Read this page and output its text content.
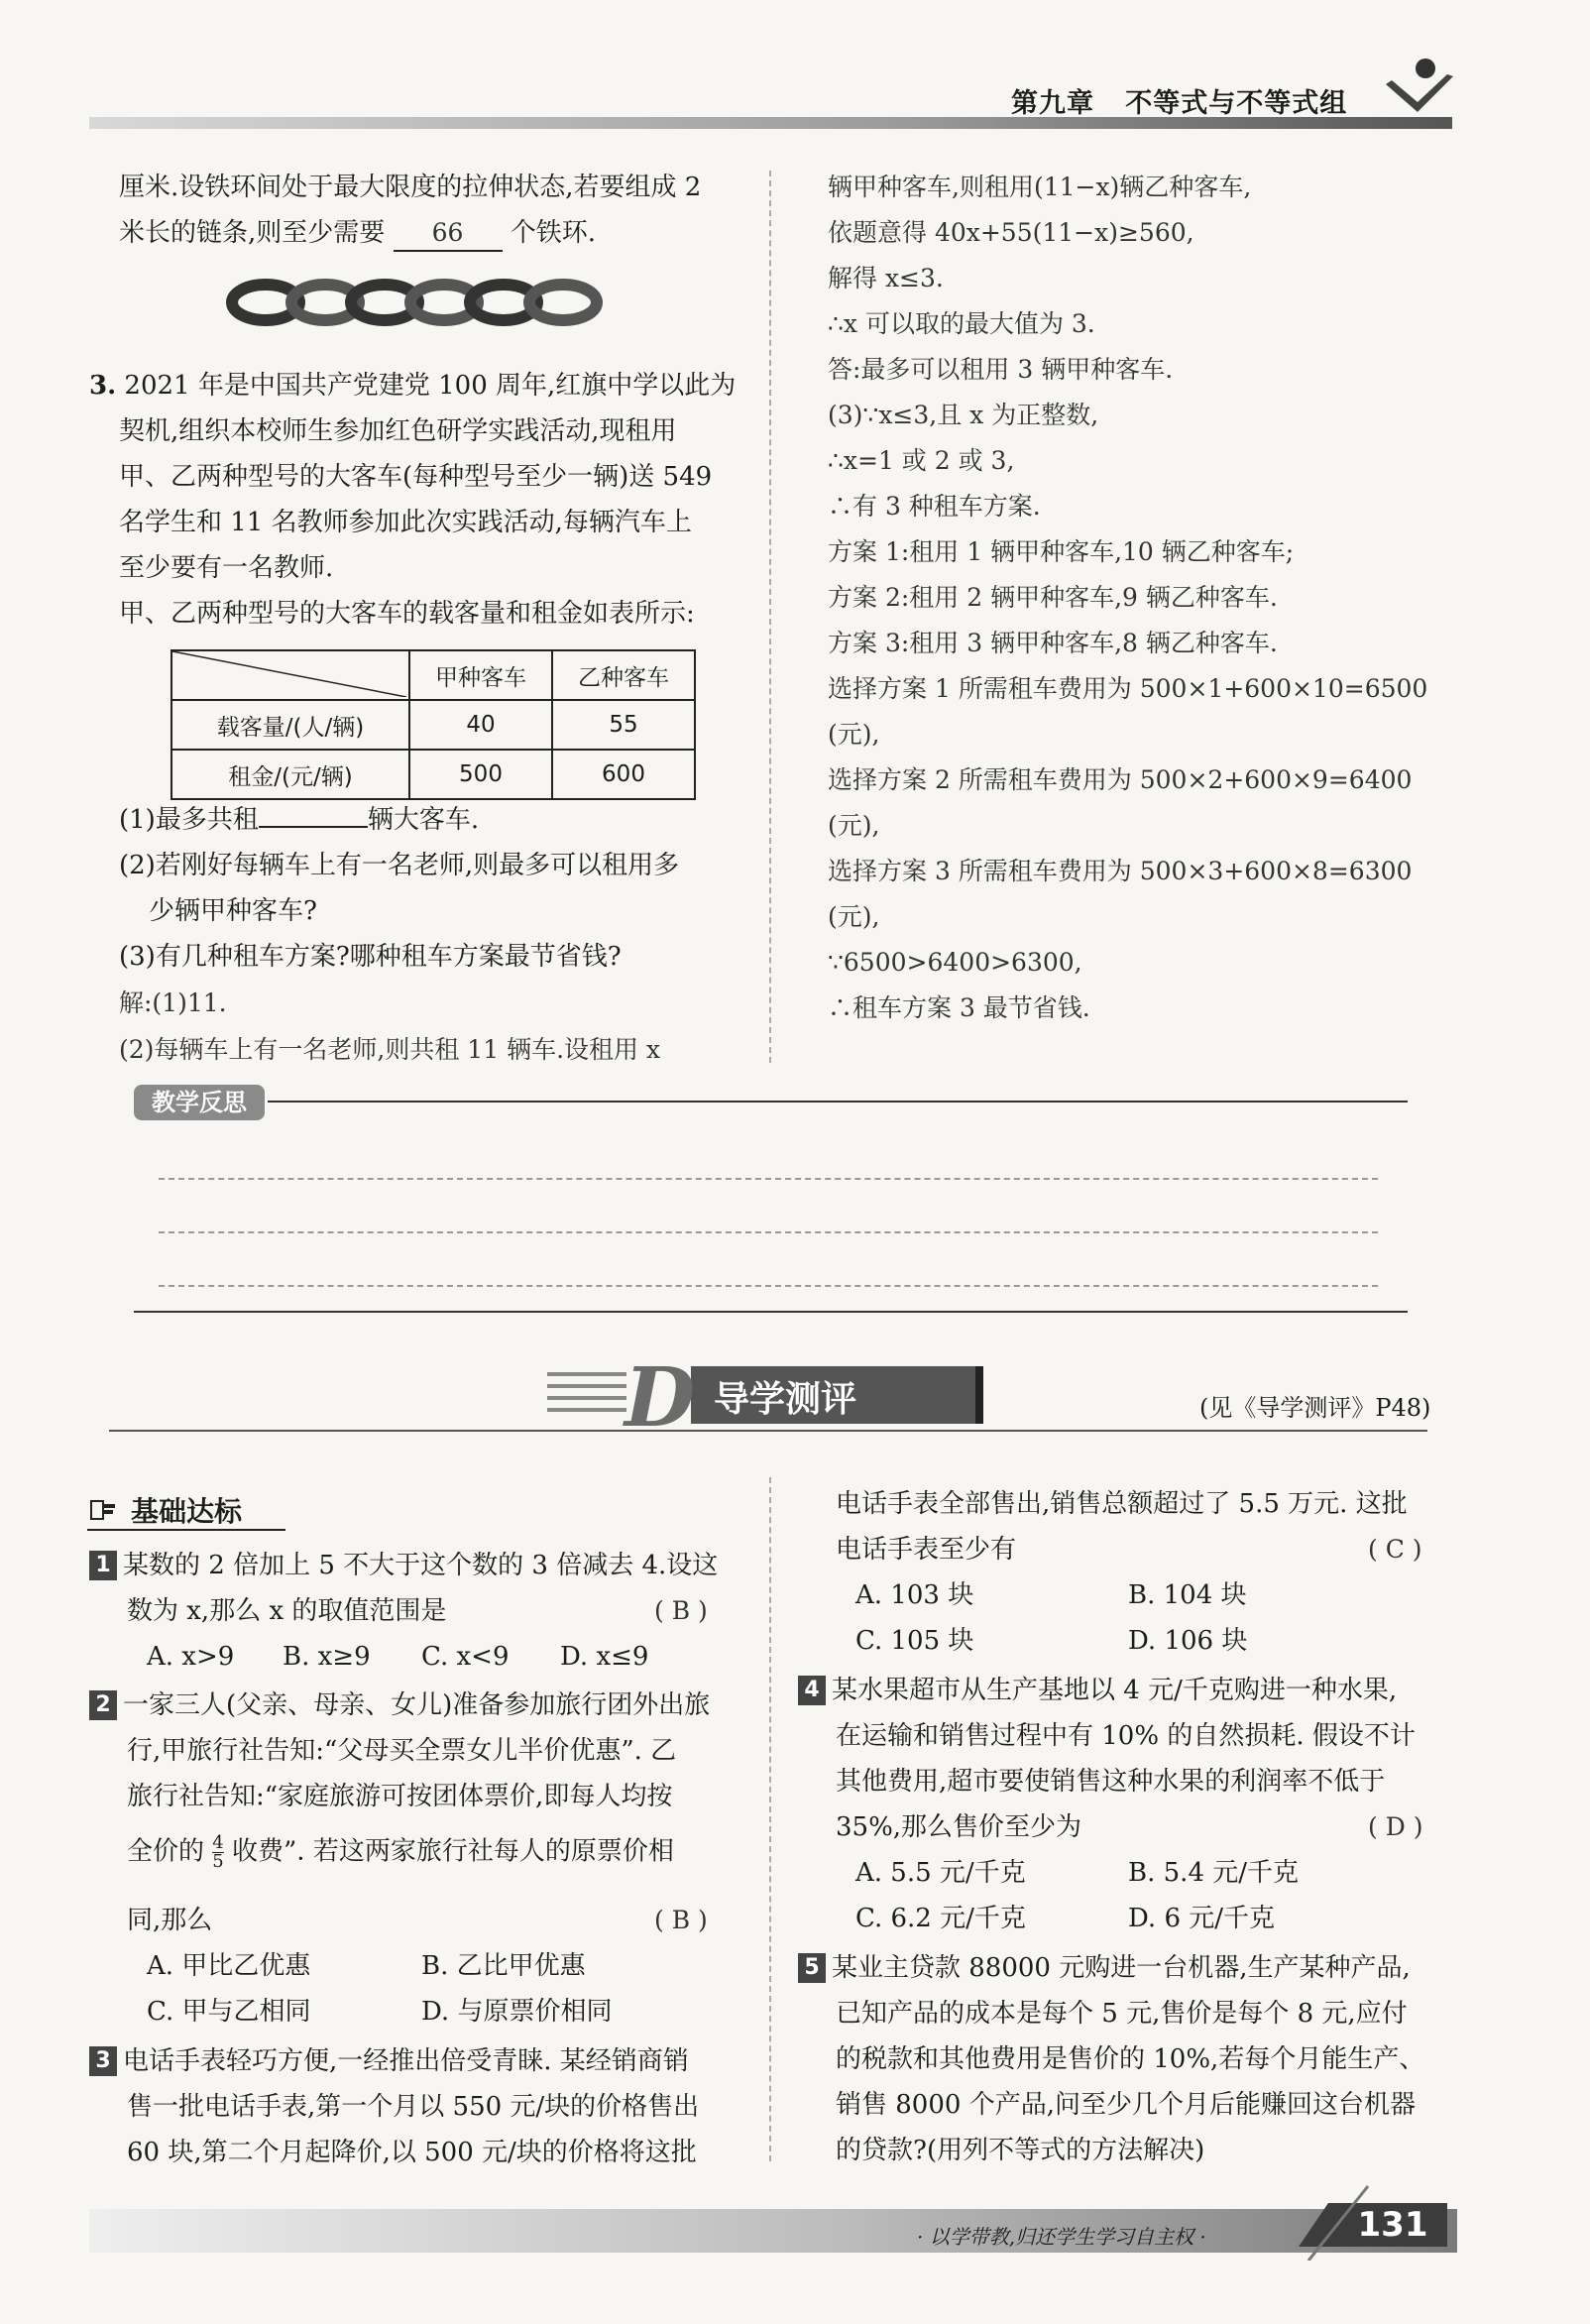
第九章 不等式与不等式组
厘米.设铁环间处于最大限度的拉伸状态,若要组成 2
米长的链条,则至少需要 66 个铁环.
3. 2021 年是中国共产党建党 100 周年,红旗中学以此为
契机,组织本校师生参加红色研学实践活动,现租用
甲、乙两种型号的大客车(每种型号至少一辆)送 549
名学生和 11 名教师参加此次实践活动,每辆汽车上
至少要有一名教师.
甲、乙两种型号的大客车的载客量和租金如表所示:
	甲种客车	乙种客车
载客量/(人/辆)	40	55
租金/(元/辆)	500	600
(1)最多共租	辆大客车.
(2)若刚好每辆车上有一名老师,则最多可以租用多
少辆甲种客车?
(3)有几种租车方案?哪种租车方案最节省钱?
解:(1)11.
(2)每辆车上有一名老师,则共租 11 辆车.设租用 x
辆甲种客车,则租用(11−x)辆乙种客车,
依题意得 40x+55(11−x)≥560,
解得 x≤3.
∴x 可以取的最大值为 3.
答:最多可以租用 3 辆甲种客车.
(3)∵x≤3,且 x 为正整数,
∴x=1 或 2 或 3,
∴有 3 种租车方案.
方案 1:租用 1 辆甲种客车,10 辆乙种客车;
方案 2:租用 2 辆甲种客车,9 辆乙种客车.
方案 3:租用 3 辆甲种客车,8 辆乙种客车.
选择方案 1 所需租车费用为 500×1+600×10=6500
(元),
选择方案 2 所需租车费用为 500×2+600×9=6400
(元),
选择方案 3 所需租车费用为 500×3+600×8=6300
(元),
∵6500>6400>6300,
∴租车方案 3 最节省钱.
教学反思
D 导学测评	(见《导学测评》P48)
基础达标
1 某数的 2 倍加上 5 不大于这个数的 3 倍减去 4.设这
数为 x,那么 x 的取值范围是	( B )
A. x>9 B. x≥9 C. x<9 D. x≤9
2 一家三人(父亲、母亲、女儿)准备参加旅行团外出旅
行,甲旅行社告知:“父母买全票女儿半价优惠”. 乙
旅行社告知:“家庭旅游可按团体票价,即每人均按
全价的 $\frac{4}{5}$ 收费”. 若这两家旅行社每人的原票价相
同,那么	( B )
A. 甲比乙优惠	B. 乙比甲优惠
C. 甲与乙相同	D. 与原票价相同
3 电话手表轻巧方便,一经推出倍受青睐. 某经销商销
售一批电话手表,第一个月以 550 元/块的价格售出
60 块,第二个月起降价,以 500 元/块的价格将这批
电话手表全部售出,销售总额超过了 5.5 万元. 这批
电话手表至少有	( C )
A. 103 块	B. 104 块
C. 105 块	D. 106 块
4 某水果超市从生产基地以 4 元/千克购进一种水果,
在运输和销售过程中有 10% 的自然损耗. 假设不计
其他费用,超市要使销售这种水果的利润率不低于
35%,那么售价至少为	( D )
A. 5.5 元/千克	B. 5.4 元/千克
C. 6.2 元/千克	D. 6 元/千克
5 某业主贷款 88000 元购进一台机器,生产某种产品,
已知产品的成本是每个 5 元,售价是每个 8 元,应付
的税款和其他费用是售价的 10%,若每个月能生产、
销售 8000 个产品,问至少几个月后能赚回这台机器
的贷款?(用列不等式的方法解决)
· 以学带教,归还学生学习自主权 ·	131
